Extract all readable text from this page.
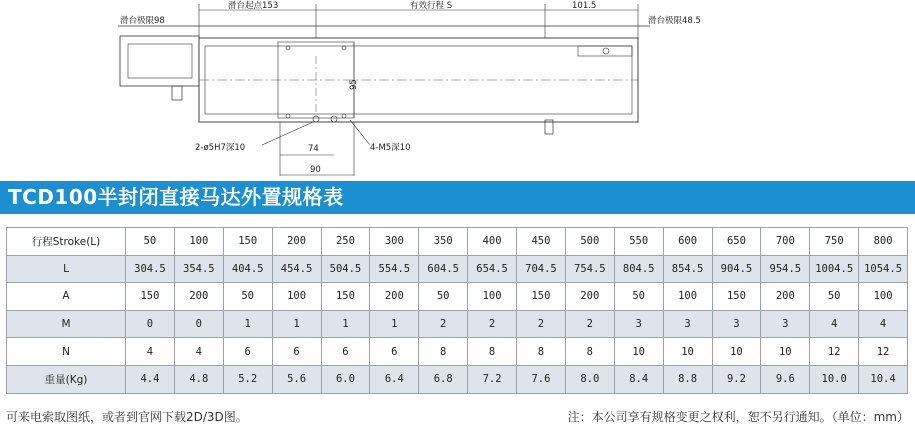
滑台极限98
滑台起点153	有效行程 S	101.5
滑台极限48.5
95
2-ø5H7深10	4-M5深10
74
90
TCD100半封闭直接马达外置规格表
行程Stroke(L)	50	100	150	200	250	300	350	400	450	500	550	600	650	700	750	800
L	304.5	354.5	404.5	454.5	504.5	554.5	604.5	654.5	704.5	754.5	804.5	854.5	904.5	954.5	1004.5	1054.5
A	150	200	50	100	150	200	50	100	150	200	50	100	150	200	50	100
M	0	0	1	1	1	1	2	2	2	2	3	3	3	3	4	4
N	4	4	6	6	6	6	8	8	8	8	10	10	10	10	12	12
重量(Kg)	4.4	4.8	5.2	5.6	6.0	6.4	6.8	7.2	7.6	8.0	8.4	8.8	9.2	9.6	10.0	10.4
可来电索取图纸，或者到官网下载2D/3D图。	注：本公司享有规格变更之权利，恕不另行通知。（单位：mm）
